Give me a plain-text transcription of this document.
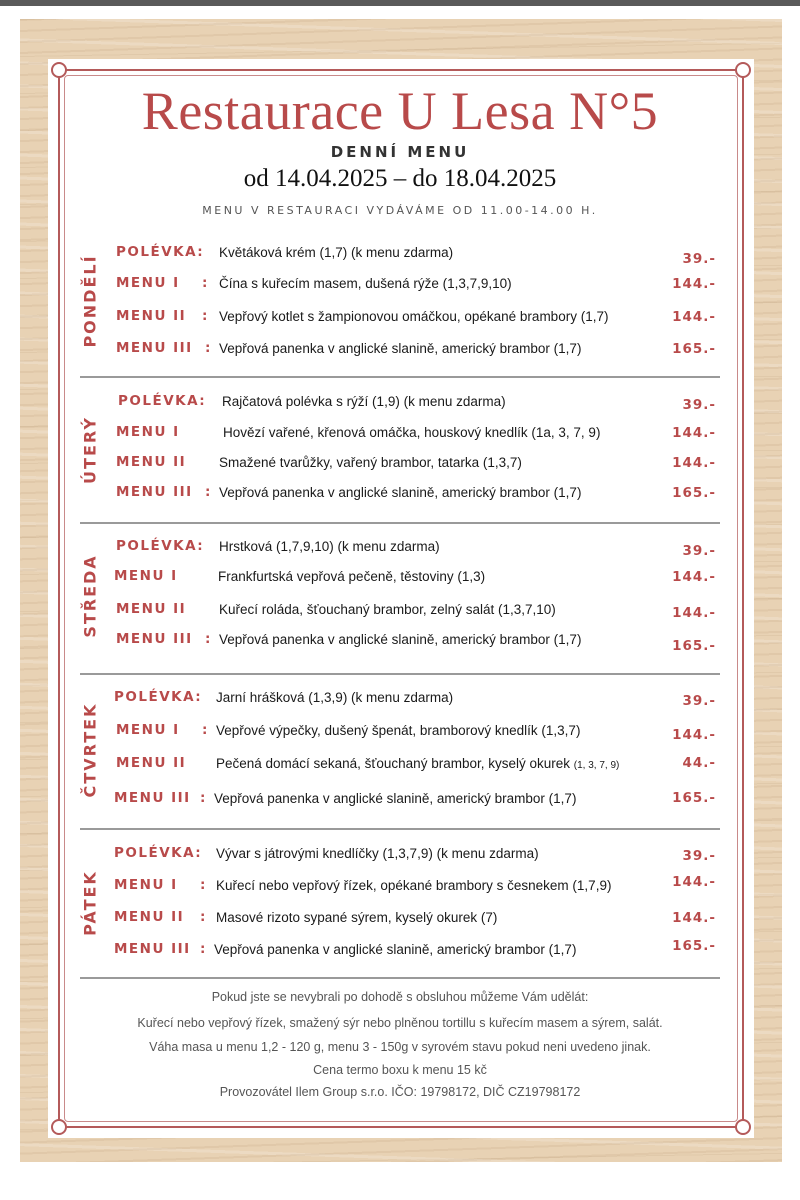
Restaurace U Lesa N°5
DENNÍ MENU
od 14.04.2025 – do 18.04.2025
MENU V RESTAURACI VYDÁVÁME OD 11.00-14.00 H.
PONDĚLÍ
POLÉVKA: Květáková krém (1,7) (k menu zdarma)	39.-
MENU I : Čína s kuřecím masem, dušená rýže (1,3,7,9,10)	144.-
MENU II : Vepřový kotlet s žampionovou omáčkou, opékané brambory (1,7)	144.-
MENU III : Vepřová panenka v anglické slanině, americký brambor (1,7)	165.-
ÚTERÝ
POLÉVKA: Rajčatová polévka s rýží (1,9) (k menu zdarma)	39.-
MENU I	Hovězí vařené, křenová omáčka, houskový knedlík (1a, 3, 7, 9)	144.-
MENU II Smažené tvarůžky, vařený brambor, tatarka (1,3,7)	144.-
MENU III : Vepřová panenka v anglické slanině, americký brambor (1,7)	165.-
STŘEDA
POLÉVKA: Hrstková (1,7,9,10) (k menu zdarma)	39.-
MENU I	Frankfurtská vepřová pečeně, těstoviny (1,3)	144.-
MENU II Kuřecí roláda, šťouchaný brambor, zelný salát (1,3,7,10)	144.-
MENU III : Vepřová panenka v anglické slanině, americký brambor (1,7)	165.-
ČTVRTEK
POLÉVKA: Jarní hrášková (1,3,9) (k menu zdarma)	39.-
MENU I : Vepřové výpečky, dušený špenát, bramborový knedlík (1,3,7)	144.-
MENU II Pečená domácí sekaná, šťouchaný brambor, kyselý okurek (1, 3, 7, 9)	44.-
MENU III : Vepřová panenka v anglické slanině, americký brambor (1,7)	165.-
PÁTEK
POLÉVKA: Vývar s játrovými knedlíčky (1,3,7,9) (k menu zdarma)	39.-
MENU I : Kuřecí nebo vepřový řízek, opékané brambory s česnekem (1,7,9)	144.-
MENU II : Masové rizoto sypané sýrem, kyselý okurek (7)	144.-
MENU III : Vepřová panenka v anglické slanině, americký brambor (1,7)	165.-
Pokud jste se nevybrali po dohodě s obsluhou můžeme Vám udělát:
Kuřecí nebo vepřový řízek, smažený sýr nebo plněnou tortillu s kuřecím masem a sýrem, salát.
Váha masa u menu 1,2 - 120 g, menu 3 - 150g v syrovém stavu pokud neni uvedeno jinak.
Cena termo boxu k menu 15 kč
Provozovátel Ilem Group s.r.o. IČO: 19798172, DIČ CZ19798172
